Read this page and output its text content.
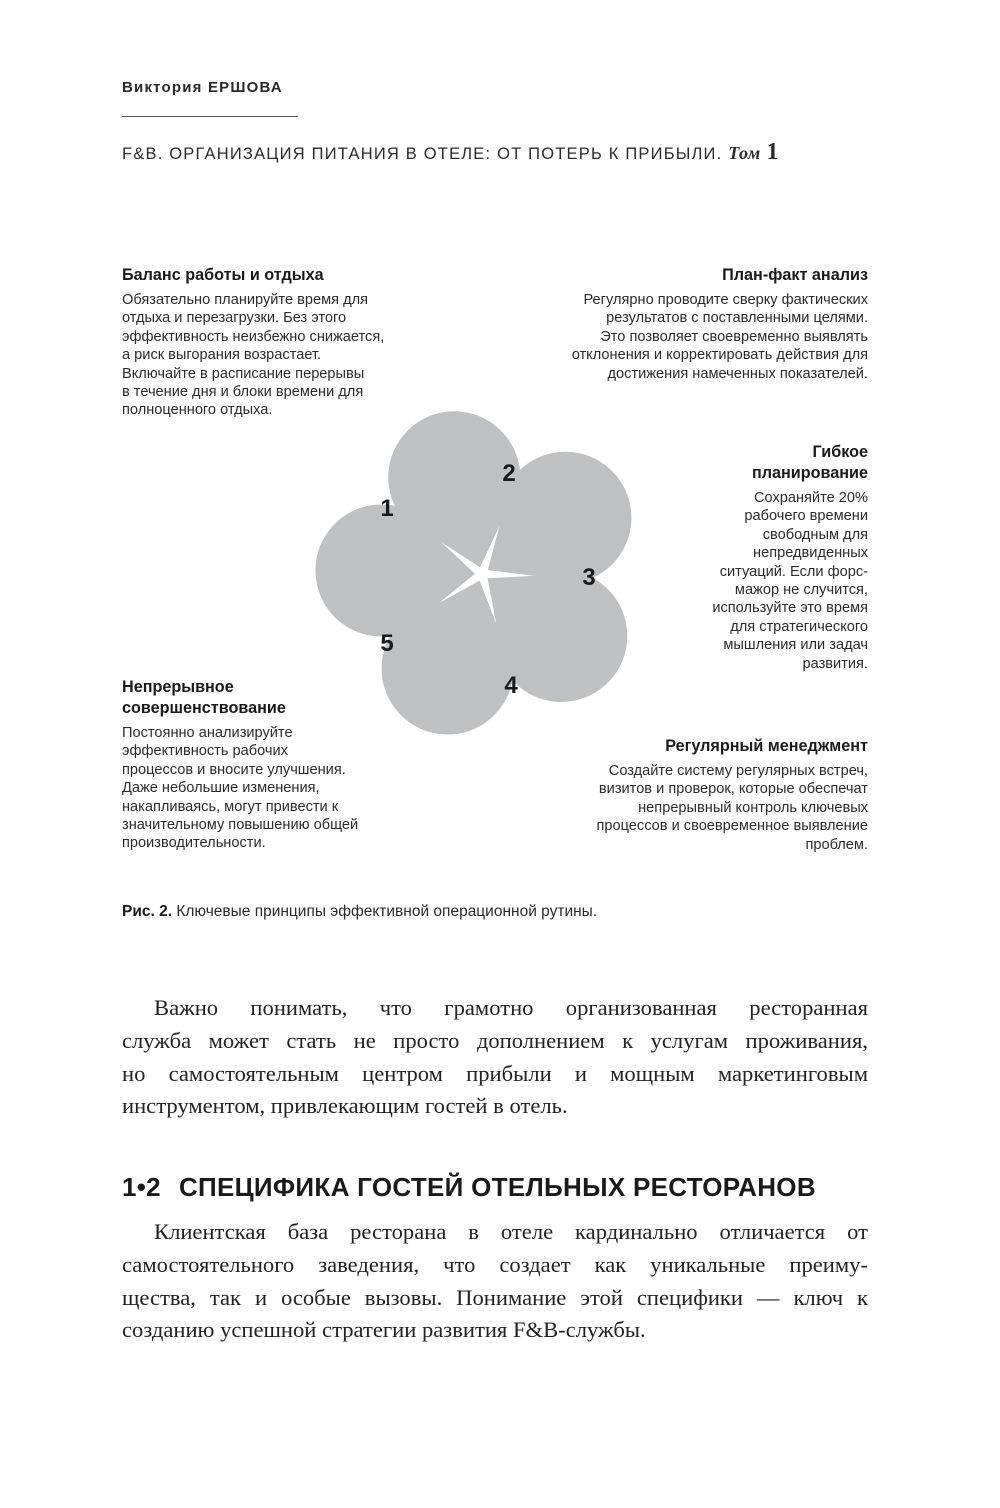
Виктория ЕРШОВА
F&B. ОРГАНИЗАЦИЯ ПИТАНИЯ В ОТЕЛЕ: ОТ ПОТЕРЬ К ПРИБЫЛИ. Том 1
Баланс работы и отдыха
Обязательно планируйте время для
отдыха и перезагрузки. Без этого
эффективность неизбежно снижается,
а риск выгорания возрастает.
Включайте в расписание перерывы
в течение дня и блоки времени для
полноценного отдыха.
План-факт анализ
Регулярно проводите сверку фактических
результатов с поставленными целями.
Это позволяет своевременно выявлять
отклонения и корректировать действия для
достижения намеченных показателей.
Гибкое
планирование
Сохраняйте 20%
рабочего времени
свободным для
непредвиденных
ситуаций. Если форс-
мажор не случится,
используйте это время
для стратегического
мышления или задач
развития.
Непрерывное
совершенствование
Постоянно анализируйте
эффективность рабочих
процессов и вносите улучшения.
Даже небольшие изменения,
накапливаясь, могут привести к
значительному повышению общей
производительности.
Регулярный менеджмент
Создайте систему регулярных встреч,
визитов и проверок, которые обеспечат
непрерывный контроль ключевых
процессов и своевременное выявление
проблем.
1
2
3
4
5
Рис. 2. Ключевые принципы эффективной операционной рутины.
Важно понимать, что грамотно организованная ресторанная
служба может стать не просто дополнением к услугам проживания,
но самостоятельным центром прибыли и мощным маркетинговым
инструментом, привлекающим гостей в отель.
1•2 СПЕЦИФИКА ГОСТЕЙ ОТЕЛЬНЫХ РЕСТОРАНОВ
Клиентская база ресторана в отеле кардинально отличается от
самостоятельного заведения, что создает как уникальные преиму-
щества, так и особые вызовы. Понимание этой специфики — ключ к
созданию успешной стратегии развития F&B-службы.
